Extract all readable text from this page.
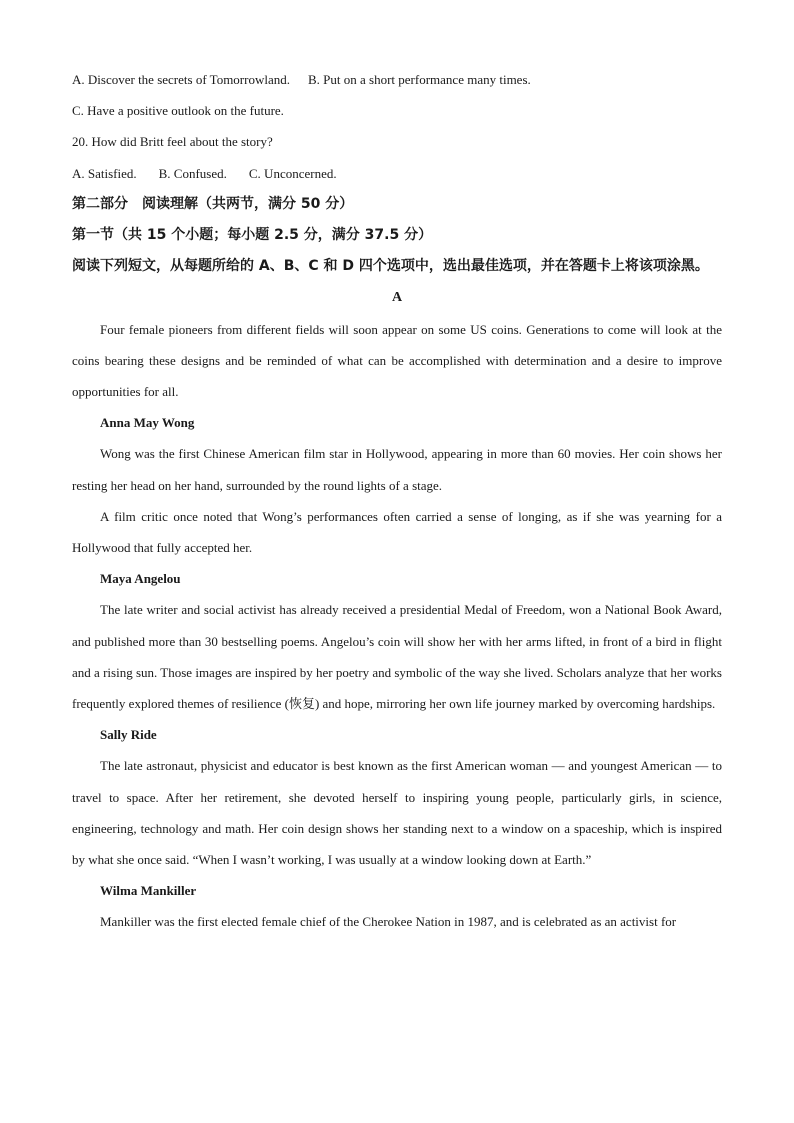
A. Discover the secrets of Tomorrowland. B. Put on a short performance many times.

C. Have a positive outlook on the future.

20. How did Britt feel about the story?

A. Satisfied. B. Confused. C. Unconcerned.

第二部分　阅读理解（共两节，满分 50 分）

第一节（共 15 个小题；每小题 2.5 分，满分 37.5 分）

阅读下列短文，从每题所给的 A、B、C 和 D 四个选项中，选出最佳选项，并在答题卡上将该项涂黑。

A

Four female pioneers from different fields will soon appear on some US coins. Generations to come will look at the coins bearing these designs and be reminded of what can be accomplished with determination and a desire to improve opportunities for all.

Anna May Wong

Wong was the first Chinese American film star in Hollywood, appearing in more than 60 movies. Her coin shows her resting her head on her hand, surrounded by the round lights of a stage.

A film critic once noted that Wong’s performances often carried a sense of longing, as if she was yearning for a Hollywood that fully accepted her.

Maya Angelou

The late writer and social activist has already received a presidential Medal of Freedom, won a National Book Award, and published more than 30 bestselling poems. Angelou’s coin will show her with her arms lifted, in front of a bird in flight and a rising sun. Those images are inspired by her poetry and symbolic of the way she lived. Scholars analyze that her works frequently explored themes of resilience (恢复) and hope, mirroring her own life journey marked by overcoming hardships.

Sally Ride

The late astronaut, physicist and educator is best known as the first American woman — and youngest American — to travel to space. After her retirement, she devoted herself to inspiring young people, particularly girls, in science, engineering, technology and math. Her coin design shows her standing next to a window on a spaceship, which is inspired by what she once said. “When I wasn’t working, I was usually at a window looking down at Earth.”

Wilma Mankiller

Mankiller was the first elected female chief of the Cherokee Nation in 1987, and is celebrated as an activist for
